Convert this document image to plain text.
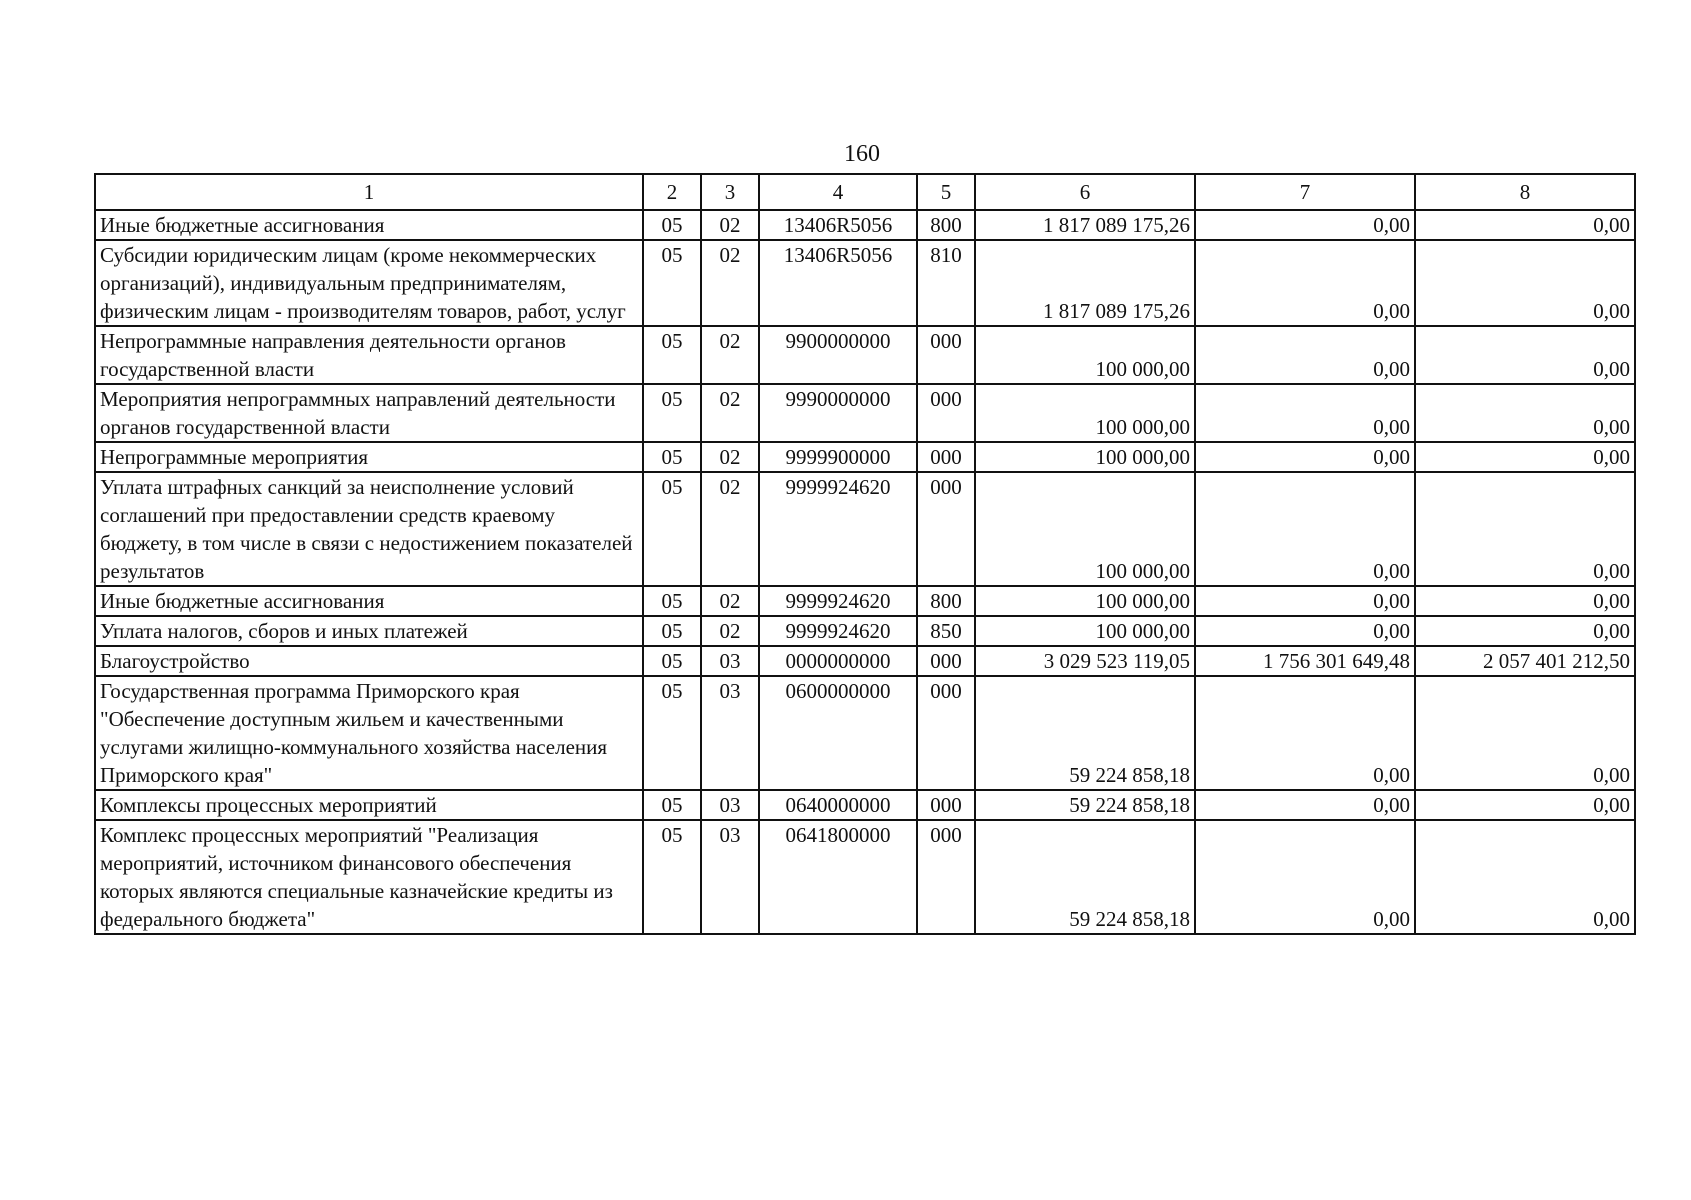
160
1	2	3	4	5	6	7	8
Иные бюджетные ассигнования	05	02	13406R5056	800	1 817 089 175,26	0,00	0,00
Субсидии юридическим лицам (кроме некоммерческих организаций), индивидуальным предпринимателям, физическим лицам - производителям товаров, работ, услуг	05	02	13406R5056	810	1 817 089 175,26	0,00	0,00
Непрограммные направления деятельности органов государственной власти	05	02	9900000000	000	100 000,00	0,00	0,00
Мероприятия непрограммных направлений деятельности органов государственной власти	05	02	9990000000	000	100 000,00	0,00	0,00
Непрограммные мероприятия	05	02	9999900000	000	100 000,00	0,00	0,00
Уплата штрафных санкций за неисполнение условий соглашений при предоставлении средств краевому бюджету, в том числе в связи с недостижением показателей результатов	05	02	9999924620	000	100 000,00	0,00	0,00
Иные бюджетные ассигнования	05	02	9999924620	800	100 000,00	0,00	0,00
Уплата налогов, сборов и иных платежей	05	02	9999924620	850	100 000,00	0,00	0,00
Благоустройство	05	03	0000000000	000	3 029 523 119,05	1 756 301 649,48	2 057 401 212,50
Государственная программа Приморского края "Обеспечение доступным жильем и качественными услугами жилищно-коммунального хозяйства населения Приморского края"	05	03	0600000000	000	59 224 858,18	0,00	0,00
Комплексы процессных мероприятий	05	03	0640000000	000	59 224 858,18	0,00	0,00
Комплекс процессных мероприятий "Реализация мероприятий, источником финансового обеспечения которых являются специальные казначейские кредиты из федерального бюджета"	05	03	0641800000	000	59 224 858,18	0,00	0,00
